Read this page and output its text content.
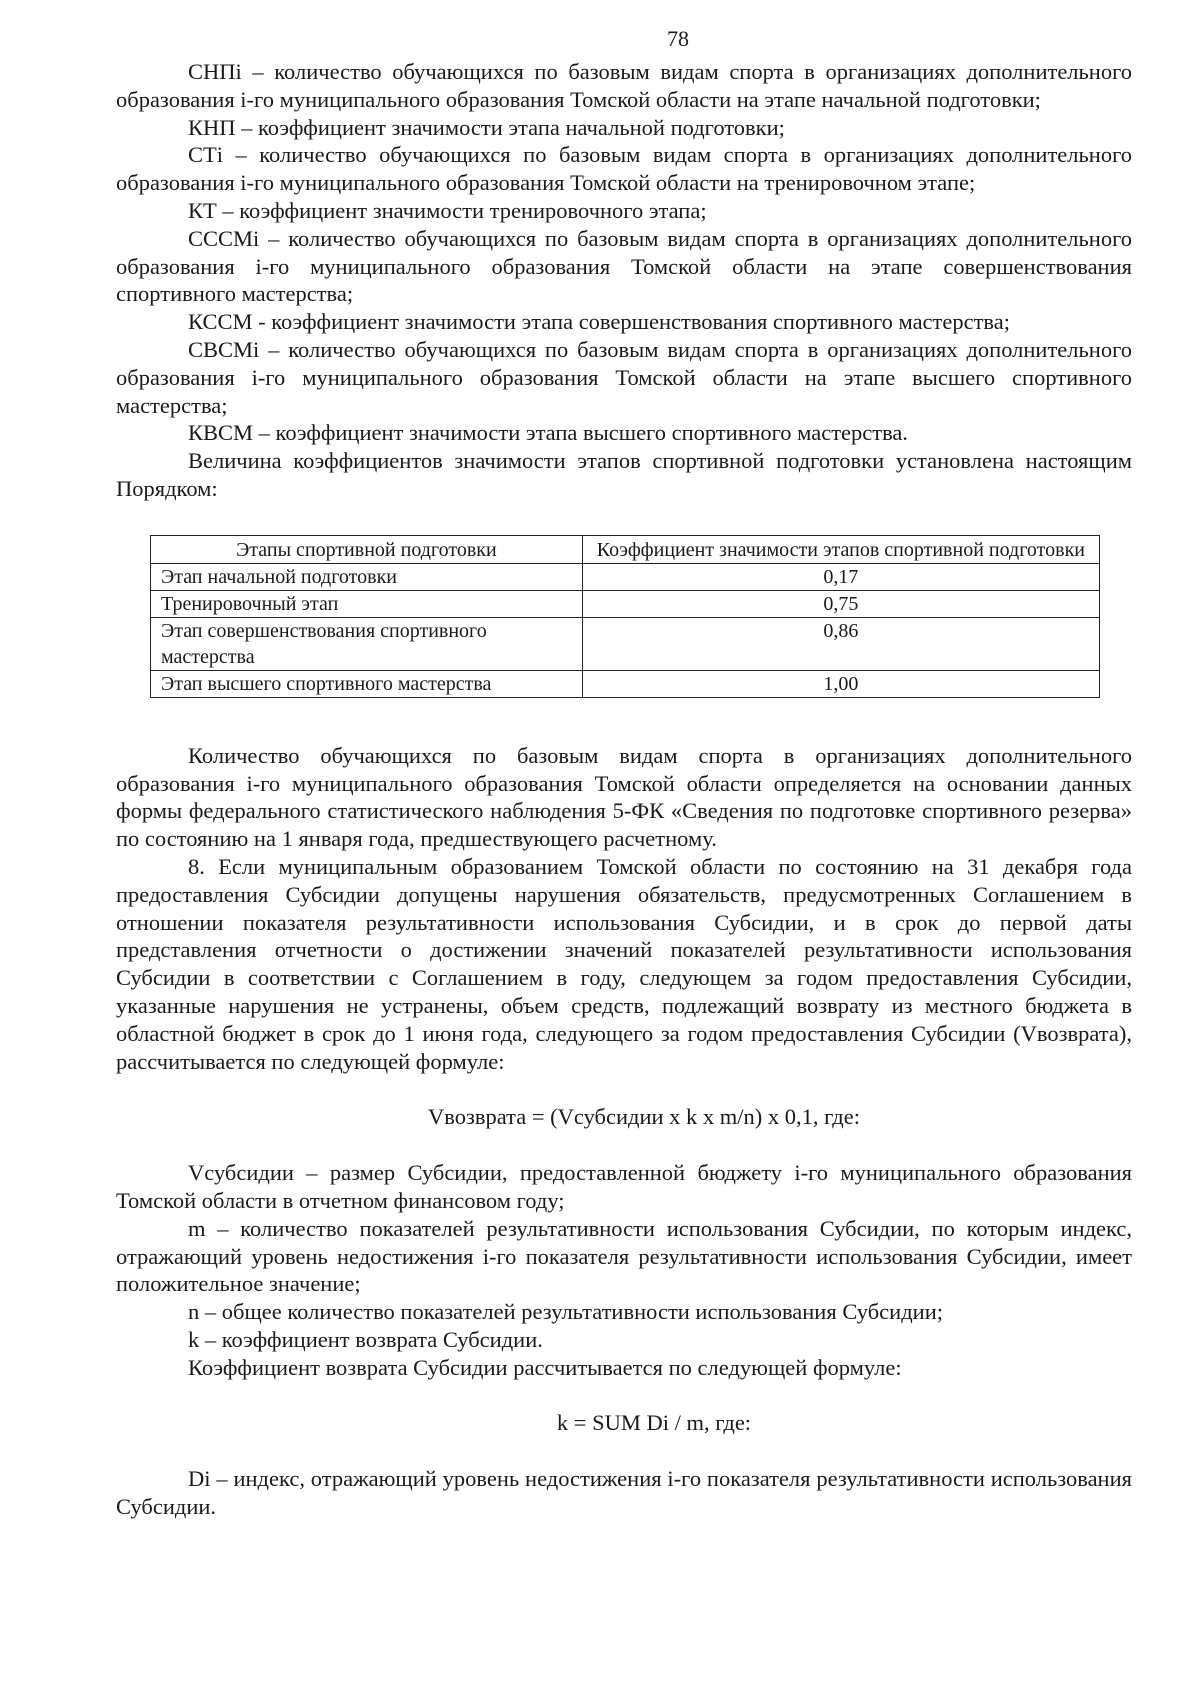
78

СНПi – количество обучающихся по базовым видам спорта в организациях дополнительного образования i-го муниципального образования Томской области на этапе начальной подготовки;

КНП – коэффициент значимости этапа начальной подготовки;

СТi – количество обучающихся по базовым видам спорта в организациях дополнительного образования i-го муниципального образования Томской области на тренировочном этапе;

КТ – коэффициент значимости тренировочного этапа;

СССМi – количество обучающихся по базовым видам спорта в организациях дополнительного образования i-го муниципального образования Томской области на этапе совершенствования спортивного мастерства;

КССМ - коэффициент значимости этапа совершенствования спортивного мастерства;

СВСМi – количество обучающихся по базовым видам спорта в организациях дополнительного образования i-го муниципального образования Томской области на этапе высшего спортивного мастерства;

КВСМ – коэффициент значимости этапа высшего спортивного мастерства.

Величина коэффициентов значимости этапов спортивной подготовки установлена настоящим Порядком:

Этапы спортивной подготовки	Коэффициент значимости этапов спортивной подготовки
Этап начальной подготовки	0,17
Тренировочный этап	0,75
Этап совершенствования спортивного мастерства	0,86
Этап высшего спортивного мастерства	1,00

Количество обучающихся по базовым видам спорта в организациях дополнительного образования i-го муниципального образования Томской области определяется на основании данных формы федерального статистического наблюдения 5-ФК «Сведения по подготовке спортивного резерва» по состоянию на 1 января года, предшествующего расчетному.

8. Если муниципальным образованием Томской области по состоянию на 31 декабря года предоставления Субсидии допущены нарушения обязательств, предусмотренных Соглашением в отношении показателя результативности использования Субсидии, и в срок до первой даты представления отчетности о достижении значений показателей результативности использования Субсидии в соответствии с Соглашением в году, следующем за годом предоставления Субсидии, указанные нарушения не устранены, объем средств, подлежащий возврату из местного бюджета в областной бюджет в срок до 1 июня года, следующего за годом предоставления Субсидии (Vвозврата), рассчитывается по следующей формуле:

Vвозврата = (Vсубсидии x k x m/n) x 0,1, где:

Vсубсидии – размер Субсидии, предоставленной бюджету i-го муниципального образования Томской области в отчетном финансовом году;

m – количество показателей результативности использования Субсидии, по которым индекс, отражающий уровень недостижения i-го показателя результативности использования Субсидии, имеет положительное значение;

n – общее количество показателей результативности использования Субсидии;

k – коэффициент возврата Субсидии.

Коэффициент возврата Субсидии рассчитывается по следующей формуле:

k = SUM Di / m, где:

Di – индекс, отражающий уровень недостижения i-го показателя результативности использования Субсидии.
